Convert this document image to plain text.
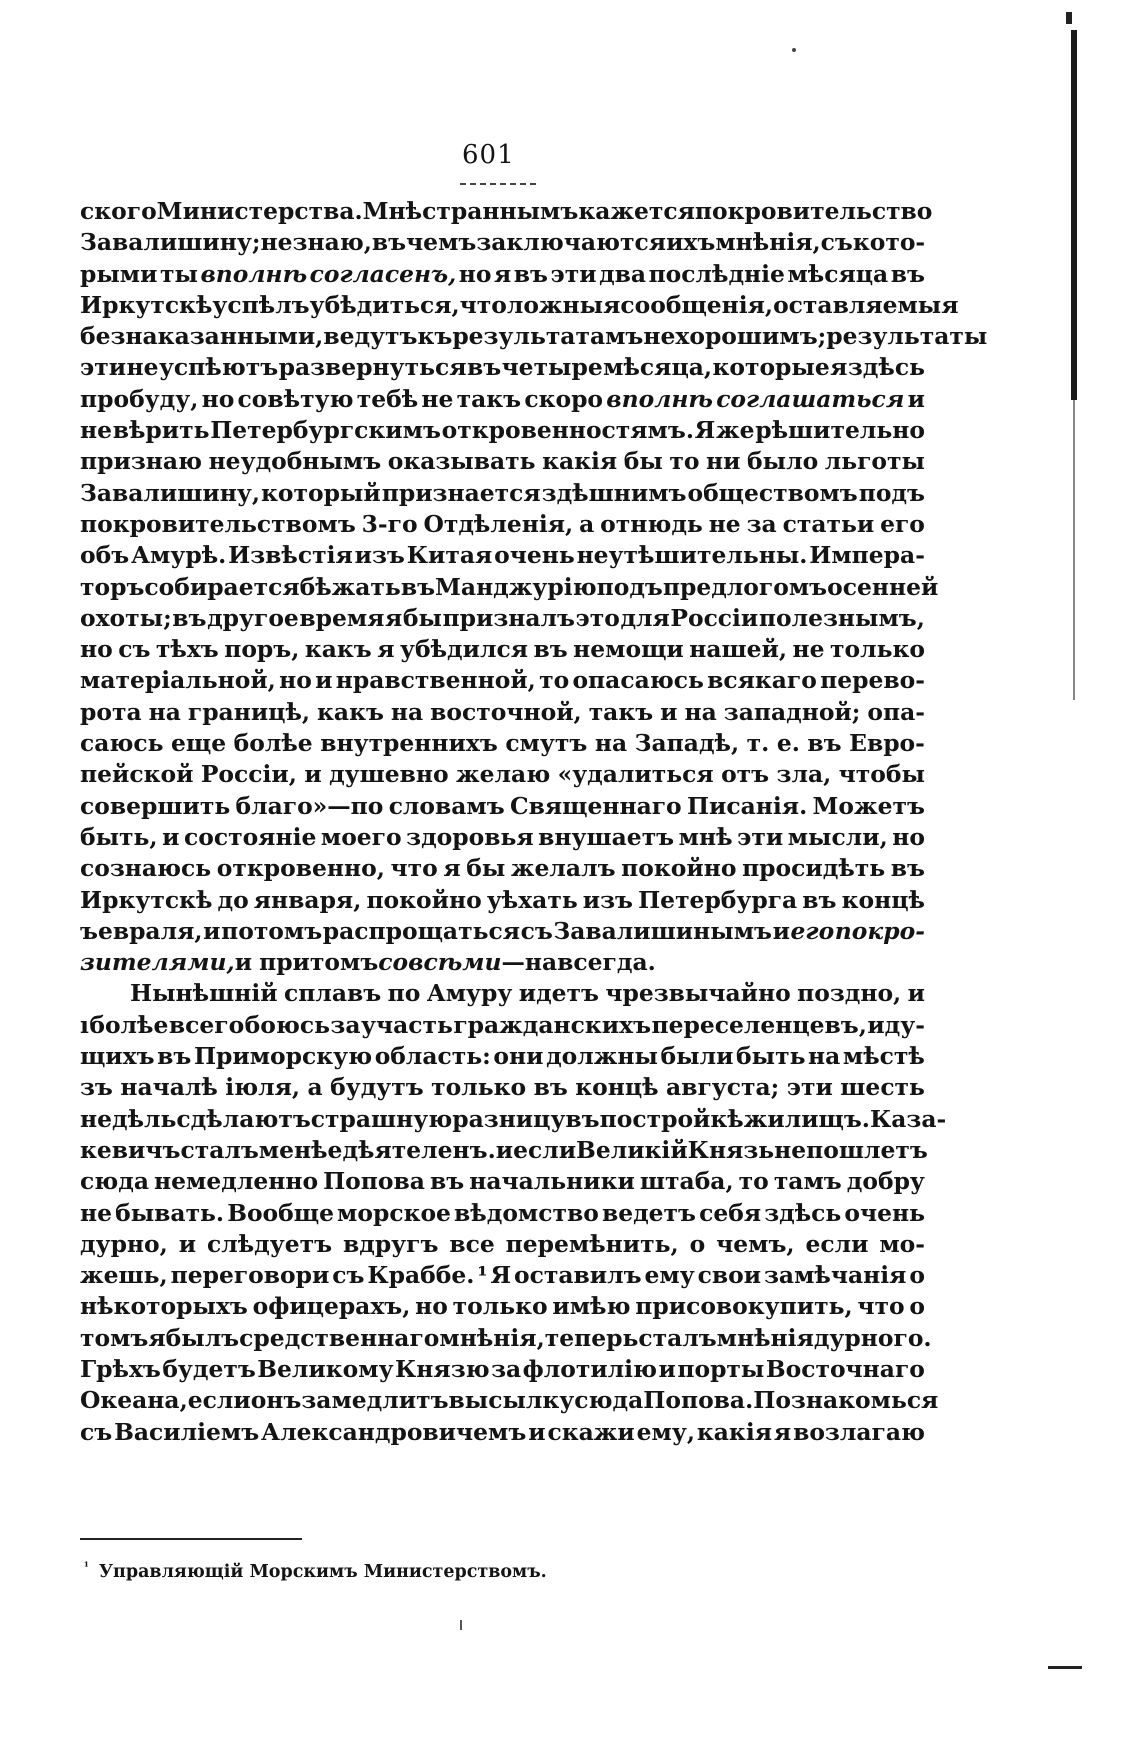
601
ского Министерства. Мнѣ страннымъ кажется покровительство
Завалишину; не знаю, въ чемъ заключаются ихъ мнѣнія, съ кото-
рыми ты вполнѣ согласенъ, но я въ эти два послѣдніе мѣсяца въ
Иркутскѣ успѣлъ убѣдиться, что ложныя сообщенія, оставляемыя
безнаказанными, ведутъ къ результатамъ нехорошимъ; результаты
эти не успѣютъ развернуться въ четыре мѣсяца, которые я здѣсь
пробуду, но совѣтую тебѣ не такъ скоро вполнѣ соглашаться и
не вѣрить Петербургскимъ откровенностямъ. Я же рѣшительно
признаю неудобнымъ оказывать какія бы то ни было льготы
Завалишину, который признается здѣшнимъ обществомъ подъ
покровительствомъ 3-го Отдѣленія, а отнюдь не за статьи его
объ Амурѣ. Извѣстія изъ Китая очень неутѣшительны. Импера-
торъ собирается бѣжать въ Манджурію подъ предлогомъ осенней
охоты; въ другое время я бы призналъ это для Россіи полезнымъ,
но съ тѣхъ поръ, какъ я убѣдился въ немощи нашей, не только
матеріальной, но и нравственной, то опасаюсь всякаго перево-
рота на границѣ, какъ на восточной, такъ и на западной; опа-
саюсь еще болѣе внутреннихъ смутъ на Западѣ, т. е. въ Евро-
пейской Россіи, и душевно желаю «удалиться отъ зла, чтобы
совершить благо»—по словамъ Священнаго Писанія. Можетъ
быть, и состояніе моего здоровья внушаетъ мнѣ эти мысли, но
сознаюсь откровенно, что я бы желалъ покойно просидѣть въ
Иркутскѣ до января, покойно уѣхать изъ Петербурга въ концѣ
ъевраля, и потомъ распрощаться съ Завалишинымъ и его покро-
зителями, и притомъ со всѣми —навсегда.
Нынѣшній сплавъ по Амуру идетъ чрезвычайно поздно, и
ı болѣе всего боюсь за участь гражданскихъ переселенцевъ, иду-
щихъ въ Приморскую область: они должны были быть на мѣстѣ
зъ началѣ іюля, а будутъ только въ концѣ августа; эти шесть
недѣль сдѣлаютъ страшную разницу въ постройкѣ жилищъ. Каза-
кевичъ сталъ менѣе дѣятеленъ. и если Великій Князь не пошлетъ
сюда немедленно Попова въ начальники штаба, то тамъ добру
не бывать. Вообще морское вѣдомство ведетъ себя здѣсь очень
дурно, и слѣдуетъ вдругъ все перемѣнить, о чемъ, если мо-
жешь, переговори съ Краббе. ¹ Я оставилъ ему свои замѣчанія о
нѣкоторыхъ офицерахъ, но только имѣю присовокупить, что о
томъ я былъ средственнаго мнѣнія, теперь сталъ мнѣнія дурного.
Грѣхъ будетъ Великому Князю за флотилію и порты Восточнаго
Океана, если онъ замедлитъ высылку сюда Попова. Познакомься
съ Василіемъ Александровичемъ и скажи ему, какія я возлагаю
$^{^1}$ Управляющій Морскимъ Министерствомъ.
